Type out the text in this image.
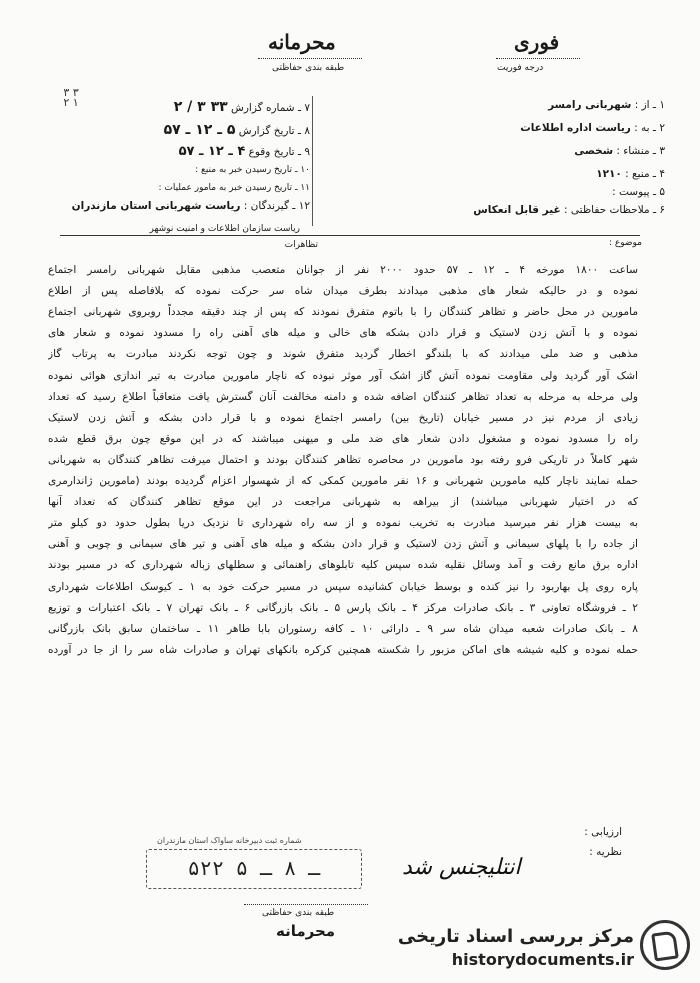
فوری
درجه فوریت
محرمانه
طبقه بندی حفاظتی
۳ ۳ ۲ ۱	۱ ـ از : شهربانی رامسر
۲ ـ به : ریاست اداره اطلاعات
۳ ـ منشاء : شخصی
۴ ـ منبع : ۱۲۱۰
۵ ـ پیوست :
۶ ـ ملاحظات حفاظتی : غیر قابل انعکاس
۷ ـ شماره گزارش ۳۳ ۳ / ۲
۸ ـ تاریخ گزارش ۵ ـ ۱۲ ـ ۵۷
۹ ـ تاریخ وقوع ۴ ـ ۱۲ ـ ۵۷
۱۰ ـ تاریخ رسیدن خبر به منبع :
۱۱ ـ تاریخ رسیدن خبر به مامور عملیات :
۱۲ ـ گیرندگان : ریاست شهربانی استان مازندران
ریاست سازمان اطلاعات و امنیت نوشهر
موضوع :
تظاهرات
ساعت ۱۸۰۰ مورخه ۴ ـ ۱۲ ـ ۵۷ حدود ۲۰۰۰ نفر از جوانان متعصب مذهبی مقابل شهربانی رامسر اجتماع
نموده و در حالیکه شعار های مذهبی میدادند بطرف میدان شاه سر حرکت نموده که بلافاصله پس از اطلاع
مامورین در محل حاضر و تظاهر کنندگان را با باتوم متفرق نمودند که پس از چند دقیقه مجدداً روبروی شهربانی اجتماع
نموده و با آتش زدن لاستیک و قرار دادن بشکه های خالی و میله های آهنی راه را مسدود نموده و شعار های
مذهبی و ضد ملی میدادند که با بلندگو اخطار گردید متفرق شوند و چون توجه نکردند مبادرت به پرتاب گاز
اشک آور گردید ولی مقاومت نموده آتش گاز اشک آور موثر نبوده که ناچار مامورین مبادرت به تیر اندازی هوائی نموده
ولی مرحله به مرحله به تعداد تظاهر کنندگان اضافه شده و دامنه مخالفت آنان گسترش یافت متعاقباً اطلاع رسید که تعداد
زیادی از مردم نیز در مسیر خیابان (تاریخ بین) رامسر اجتماع نموده و با قرار دادن بشکه و آتش زدن لاستیک
راه را مسدود نموده و مشغول دادن شعار های ضد ملی و میهنی میباشند که در این موقع چون برق قطع شده
شهر کاملاً در تاریکی فرو رفته بود مامورین در محاصره تظاهر کنندگان بودند و احتمال میرفت تظاهر کنندگان به شهربانی
حمله نمایند ناچار کلیه مامورین شهربانی و ۱۶ نفر مامورین کمکی که از شهسوار اعزام گردیده بودند (مامورین ژاندارمری
که در اختیار شهربانی میباشند) از بیراهه به شهربانی مراجعت در این موقع تظاهر کنندگان که تعداد آنها
به بیست هزار نفر میرسید مبادرت به تخریب نموده و از سه راه شهرداری تا نزدیک دریا بطول حدود دو کیلو متر
از جاده را با پلهای سیمانی و آتش زدن لاستیک و قرار دادن بشکه و میله های آهنی و تیر های سیمانی و چوبی و آهنی
اداره برق مانع رفت و آمد وسائل نقلیه شده سپس کلیه تابلوهای راهنمائی و سطلهای زباله شهرداری که در مسیر بودند
پاره روی پل بهاربود را نیز کنده و بوسط خیابان کشانیده سپس در مسیر حرکت خود به ۱ ـ کیوسک اطلاعات شهرداری
۲ ـ فروشگاه تعاونی ۳ ـ بانک صادرات مرکز ۴ ـ بانک پارس ۵ ـ بانک بازرگانی ۶ ـ بانک تهران ۷ ـ بانک اعتبارات و توزیع
۸ ـ بانک صادرات شعبه میدان شاه سر ۹ ـ دارائی ۱۰ ـ کافه رستوران بابا طاهر ۱۱ ـ ساختمان سابق بانک بازرگانی
حمله نموده و کلیه شیشه های اماکن مزبور را شکسته همچنین کرکره بانکهای تهران و صادرات شاه سر را از جا در آورده
ارزیابی :
نظریه :
شماره ثبت دبیرخانه ساواک استان مازندران
۵۲۲ ـ ۸ ـ ۵	انتلیجنس شد
طبقه بندی حفاظتی
محرمانه	مرکز بررسی اسناد تاریخی
historydocuments.ir
